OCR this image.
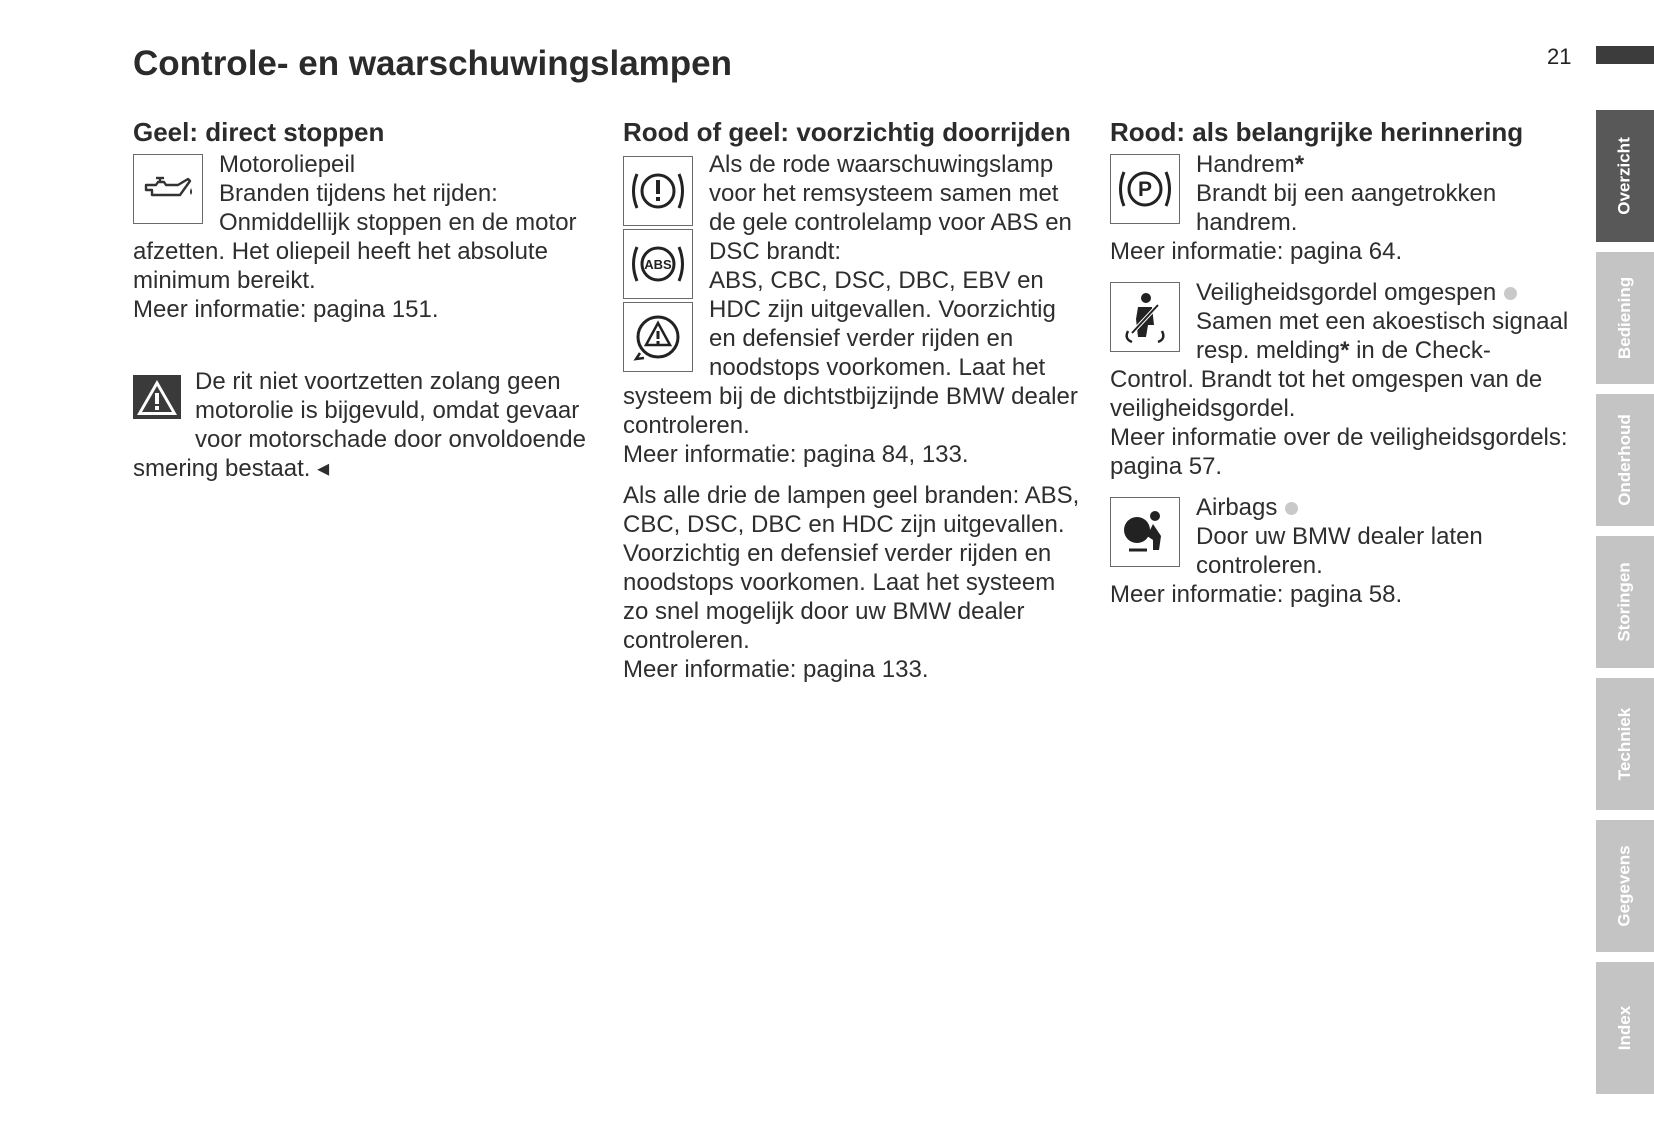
Controle- en waarschuwingslampen	21
Overzicht
Bediening
Onderhoud
Storingen
Techniek
Gegevens
Index
Geel: direct stoppen

Motoroliepeil

Branden tijdens het rijden:

Onmiddellijk stoppen en de motor afzetten. Het oliepeil heeft het absolute minimum bereikt.

Meer informatie: pagina 151.

De rit niet voortzetten zolang geen motorolie is bijgevuld, omdat gevaar voor motorschade door onvoldoende smering bestaat. ◂

Rood of geel: voorzichtig doorrijden
ABS

Als de rode waarschuwingslamp voor het remsysteem samen met de gele controlelamp voor ABS en DSC brandt:

ABS, CBC, DSC, DBC, EBV en HDC zijn uitgevallen. Voorzichtig en defensief verder rijden en noodstops voorkomen. Laat het systeem bij de dichtstbijzijnde BMW dealer controleren.

Meer informatie: pagina 84, 133.

Als alle drie de lampen geel branden: ABS, CBC, DSC, DBC en HDC zijn uitgevallen. Voorzichtig en defensief verder rijden en noodstops voorkomen. Laat het systeem zo snel mogelijk door uw BMW dealer controleren.

Meer informatie: pagina 133.

Rood: als belangrijke herinnering
P

Handrem*

Brandt bij een aangetrokken handrem.

Meer informatie: pagina 64.

Veiligheidsgordel omgespen

Samen met een akoestisch signaal resp. melding* in de Check-Control. Brandt tot het omgespen van de veiligheidsgordel.

Meer informatie over de veiligheidsgordels: pagina 57.

Airbags

Door uw BMW dealer laten controleren.

Meer informatie: pagina 58.
